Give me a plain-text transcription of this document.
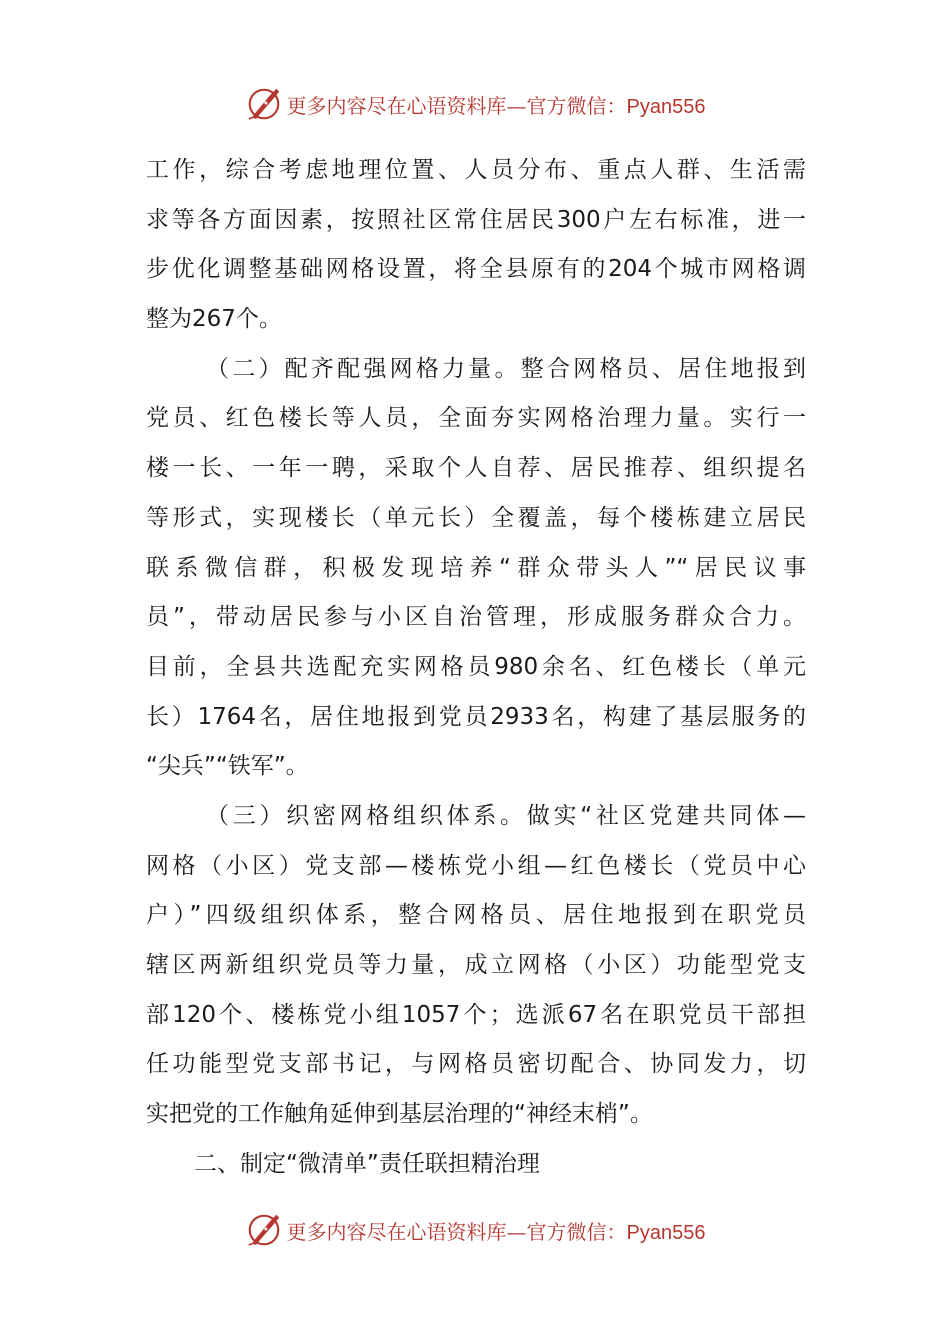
更多内容尽在心语资料库—官方微信：Pyan556
工作，综合考虑地理位置、人员分布、重点人群、生活需
求等各方面因素，按照社区常住居民300户左右标准，进一
步优化调整基础网格设置，将全县原有的204个城市网格调
整为267个。
（二）配齐配强网格力量。整合网格员、居住地报到
党员、红色楼长等人员，全面夯实网格治理力量。实行一
楼一长、一年一聘，采取个人自荐、居民推荐、组织提名
等形式，实现楼长（单元长）全覆盖，每个楼栋建立居民
联系微信群，积极发现培养“群众带头人”“居民议事
员”，带动居民参与小区自治管理，形成服务群众合力。
目前，全县共选配充实网格员980余名、红色楼长（单元
长）1764名，居住地报到党员2933名，构建了基层服务的
“尖兵”“铁军”。
（三）织密网格组织体系。做实“社区党建共同体—
网格（小区）党支部—楼栋党小组—红色楼长（党员中心
户）”四级组织体系，整合网格员、居住地报到在职党员
辖区两新组织党员等力量，成立网格（小区）功能型党支
部120个、楼栋党小组1057个；选派67名在职党员干部担
任功能型党支部书记，与网格员密切配合、协同发力，切
实把党的工作触角延伸到基层治理的“神经末梢”。
二、制定“微清单”责任联担精治理
更多内容尽在心语资料库—官方微信：Pyan556
